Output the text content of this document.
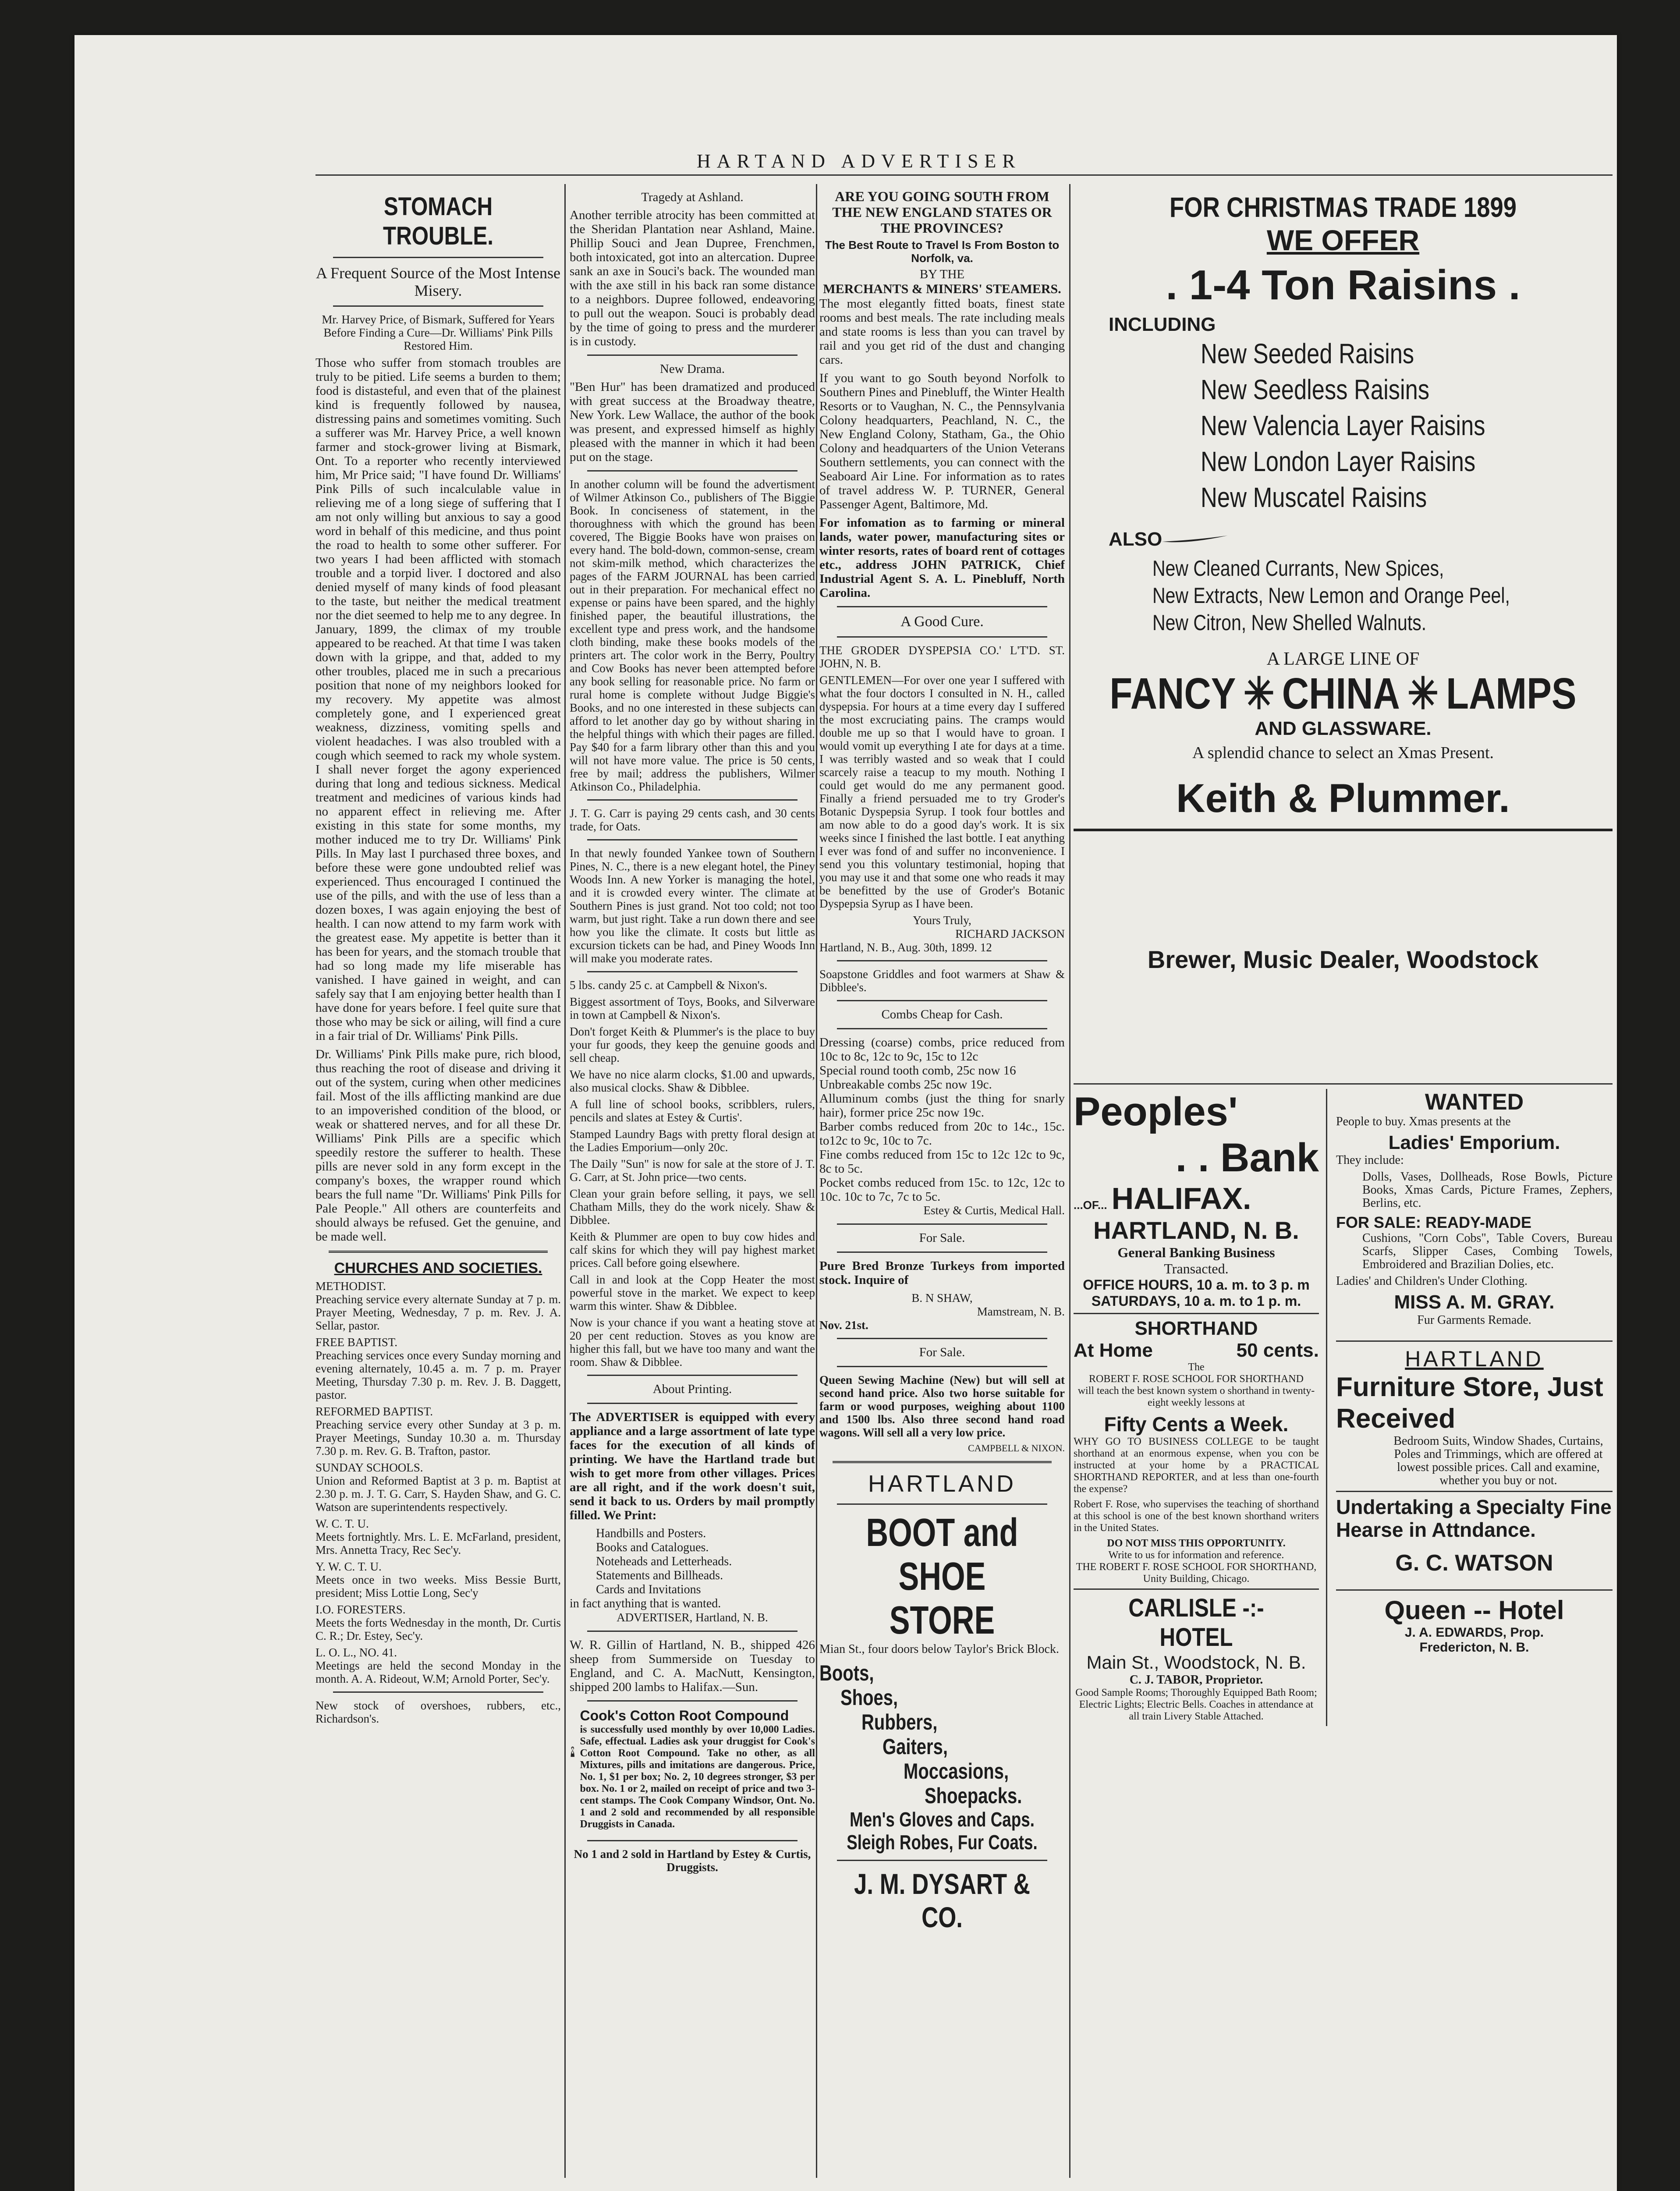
HARTAND ADVERTISER
STOMACH TROUBLE.
A Frequent Source of the Most Intense Misery.

Mr. Harvey Price, of Bismark, Suffered for Years Before Finding a Cure—Dr. Williams' Pink Pills Restored Him.

Those who suffer from stomach troubles are truly to be pitied. Life seems a burden to them; food is distasteful, and even that of the plainest kind is frequently followed by nausea, distressing pains and sometimes vomiting. Such a sufferer was Mr. Harvey Price, a well known farmer and stock-grower living at Bismark, Ont. To a reporter who recently interviewed him, Mr Price said; "I have found Dr. Williams' Pink Pills of such incalculable value in relieving me of a long siege of suffering that I am not only willing but anxious to say a good word in behalf of this medicine, and thus point the road to health to some other sufferer. For two years I had been afflicted with stomach trouble and a torpid liver. I doctored and also denied myself of many kinds of food pleasant to the taste, but neither the medical treatment nor the diet seemed to help me to any degree. In January, 1899, the climax of my trouble appeared to be reached. At that time I was taken down with la grippe, and that, added to my other troubles, placed me in such a precarious position that none of my neighbors looked for my recovery. My appetite was almost completely gone, and I experienced great weakness, dizziness, vomiting spells and violent headaches. I was also troubled with a cough which seemed to rack my whole system. I shall never forget the agony experienced during that long and tedious sickness. Medical treatment and medicines of various kinds had no apparent effect in relieving me. After existing in this state for some months, my mother induced me to try Dr. Williams' Pink Pills. In May last I purchased three boxes, and before these were gone undoubted relief was experienced. Thus encouraged I continued the use of the pills, and with the use of less than a dozen boxes, I was again enjoying the best of health. I can now attend to my farm work with the greatest ease. My appetite is better than it has been for years, and the stomach trouble that had so long made my life miserable has vanished. I have gained in weight, and can safely say that I am enjoying better health than I have done for years before. I feel quite sure that those who may be sick or ailing, will find a cure in a fair trial of Dr. Williams' Pink Pills.

Dr. Williams' Pink Pills make pure, rich blood, thus reaching the root of disease and driving it out of the system, curing when other medicines fail. Most of the ills afflicting mankind are due to an impoverished condition of the blood, or weak or shattered nerves, and for all these Dr. Williams' Pink Pills are a specific which speedily restore the sufferer to health. These pills are never sold in any form except in the company's boxes, the wrapper round which bears the full name "Dr. Williams' Pink Pills for Pale People." All others are counterfeits and should always be refused. Get the genuine, and be made well.

CHURCHES AND SOCIETIES.

METHODIST.

Preaching service every alternate Sunday at 7 p. m. Prayer Meeting, Wednesday, 7 p. m. Rev. J. A. Sellar, pastor.

FREE BAPTIST.

Preaching services once every Sunday morning and evening alternately, 10.45 a. m. 7 p. m. Prayer Meeting, Thursday 7.30 p. m. Rev. J. B. Daggett, pastor.

REFORMED BAPTIST.

Preaching service every other Sunday at 3 p. m. Prayer Meetings, Sunday 10.30 a. m. Thursday 7.30 p. m. Rev. G. B. Trafton, pastor.

SUNDAY SCHOOLS.

Union and Reformed Baptist at 3 p. m. Baptist at 2.30 p. m. J. T. G. Carr, S. Hayden Shaw, and G. C. Watson are superintendents respectively.

W. C. T. U.

Meets fortnightly. Mrs. L. E. McFarland, president, Mrs. Annetta Tracy, Rec Sec'y.

Y. W. C. T. U.

Meets once in two weeks. Miss Bessie Burtt, president; Miss Lottie Long, Sec'y

I.O. FORESTERS.

Meets the forts Wednesday in the month, Dr. Curtis C. R.; Dr. Estey, Sec'y.

L. O. L., NO. 41.

Meetings are held the second Monday in the month. A. A. Rideout, W.M; Arnold Porter, Sec'y.

New stock of overshoes, rubbers, etc., Richardson's.

Tragedy at Ashland.

Another terrible atrocity has been committed at the Sheridan Plantation near Ashland, Maine. Phillip Souci and Jean Dupree, Frenchmen, both intoxicated, got into an altercation. Dupree sank an axe in Souci's back. The wounded man with the axe still in his back ran some distance to a neighbors. Dupree followed, endeavoring to pull out the weapon. Souci is probably dead by the time of going to press and the murderer is in custody.

New Drama.

"Ben Hur" has been dramatized and produced with great success at the Broadway theatre, New York. Lew Wallace, the author of the book was present, and expressed himself as highly pleased with the manner in which it had been put on the stage.

In another column will be found the advertisment of Wilmer Atkinson Co., publishers of The Biggie Book. In conciseness of statement, in the thoroughness with which the ground has been covered, The Biggie Books have won praises on every hand. The bold-down, common-sense, cream not skim-milk method, which characterizes the pages of the FARM JOURNAL has been carried out in their preparation. For mechanical effect no expense or pains have been spared, and the highly finished paper, the beautiful illustrations, the excellent type and press work, and the handsome cloth binding, make these books models of the printers art. The color work in the Berry, Poultry and Cow Books has never been attempted before any book selling for reasonable price. No farm or rural home is complete without Judge Biggie's Books, and no one interested in these subjects can afford to let another day go by without sharing in the helpful things with which their pages are filled. Pay $40 for a farm library other than this and you will not have more value. The price is 50 cents, free by mail; address the publishers, Wilmer Atkinson Co., Philadelphia.

J. T. G. Carr is paying 29 cents cash, and 30 cents trade, for Oats.

In that newly founded Yankee town of Southern Pines, N. C., there is a new elegant hotel, the Piney Woods Inn. A new Yorker is managing the hotel, and it is crowded every winter. The climate at Southern Pines is just grand. Not too cold; not too warm, but just right. Take a run down there and see how you like the climate. It costs but little as excursion tickets can be had, and Piney Woods Inn will make you moderate rates.

5 lbs. candy 25 c. at Campbell & Nixon's.

Biggest assortment of Toys, Books, and Silverware in town at Campbell & Nixon's.

Don't forget Keith & Plummer's is the place to buy your fur goods, they keep the genuine goods and sell cheap.

We have no nice alarm clocks, $1.00 and upwards, also musical clocks. Shaw & Dibblee.

A full line of school books, scribblers, rulers, pencils and slates at Estey & Curtis'.

Stamped Laundry Bags with pretty floral design at the Ladies Emporium—only 20c.

The Daily "Sun" is now for sale at the store of J. T. G. Carr, at St. John price—two cents.

Clean your grain before selling, it pays, we sell Chatham Mills, they do the work nicely. Shaw & Dibblee.

Keith & Plummer are open to buy cow hides and calf skins for which they will pay highest market prices. Call before going elsewhere.

Call in and look at the Copp Heater the most powerful stove in the market. We expect to keep warm this winter. Shaw & Dibblee.

Now is your chance if you want a heating stove at 20 per cent reduction. Stoves as you know are higher this fall, but we have too many and want the room. Shaw & Dibblee.

About Printing.

The ADVERTISER is equipped with every appliance and a large assortment of late type faces for the execution of all kinds of printing. We have the Hartland trade but wish to get more from other villages. Prices are all right, and if the work doesn't suit, send it back to us. Orders by mail promptly filled. We Print:

Handbills and Posters.

Books and Catalogues.

Noteheads and Letterheads.

Statements and Billheads.

Cards and Invitations

in fact anything that is wanted.

ADVERTISER, Hartland, N. B.

W. R. Gillin of Hartland, N. B., shipped 426 sheep from Summerside on Tuesday to England, and C. A. MacNutt, Kensington, shipped 200 lambs to Halifax.—Sun.

Cook's Cotton Root Compound

is successfully used monthly by over 10,000 Ladies. Safe, effectual. Ladies ask your druggist for Cook's Cotton Root Compound. Take no other, as all Mixtures, pills and imitations are dangerous. Price, No. 1, $1 per box; No. 2, 10 degrees stronger, $3 per box. No. 1 or 2, mailed on receipt of price and two 3-cent stamps. The Cook Company Windsor, Ont. No. 1 and 2 sold and recommended by all responsible Druggists in Canada.

No 1 and 2 sold in Hartland by Estey & Curtis, Druggists.

ARE YOU GOING SOUTH FROM THE NEW ENGLAND STATES OR THE PROVINCES?
The Best Route to Travel Is From Boston to Norfolk, va.
BY THE
MERCHANTS & MINERS' STEAMERS.

The most elegantly fitted boats, finest state rooms and best meals. The rate including meals and state rooms is less than you can travel by rail and you get rid of the dust and changing cars.

If you want to go South beyond Norfolk to Southern Pines and Pinebluff, the Winter Health Resorts or to Vaughan, N. C., the Pennsylvania Colony headquarters, Peachland, N. C., the New England Colony, Statham, Ga., the Ohio Colony and headquarters of the Union Veterans Southern settlements, you can connect with the Seaboard Air Line. For information as to rates of travel address W. P. TURNER, General Passenger Agent, Baltimore, Md.

For infomation as to farming or mineral lands, water power, manufacturing sites or winter resorts, rates of board rent of cottages etc., address JOHN PATRICK, Chief Industrial Agent S. A. L. Pinebluff, North Carolina.

A Good Cure.

THE GRODER DYSPEPSIA CO.' L'T'D. ST. JOHN, N. B.

GENTLEMEN—For over one year I suffered with what the four doctors I consulted in N. H., called dyspepsia. For hours at a time every day I suffered the most excruciating pains. The cramps would double me up so that I would have to groan. I would vomit up everything I ate for days at a time. I was terribly wasted and so weak that I could scarcely raise a teacup to my mouth. Nothing I could get would do me any permanent good. Finally a friend persuaded me to try Groder's Botanic Dyspepsia Syrup. I took four bottles and am now able to do a good day's work. It is six weeks since I finished the last bottle. I eat anything I ever was fond of and suffer no inconvenience. I send you this voluntary testimonial, hoping that you may use it and that some one who reads it may be benefitted by the use of Groder's Botanic Dyspepsia Syrup as I have been.

Yours Truly,

RICHARD JACKSON

Hartland, N. B., Aug. 30th, 1899. 12

Soapstone Griddles and foot warmers at Shaw & Dibblee's.

Combs Cheap for Cash.

Dressing (coarse) combs, price reduced from 10c to 8c, 12c to 9c, 15c to 12c

Special round tooth comb, 25c now 16

Unbreakable combs 25c now 19c.

Alluminum combs (just the thing for snarly hair), former price 25c now 19c.

Barber combs reduced from 20c to 14c., 15c. to12c to 9c, 10c to 7c.

Fine combs reduced from 15c to 12c 12c to 9c, 8c to 5c.

Pocket combs reduced from 15c. to 12c, 12c to 10c. 10c to 7c, 7c to 5c.

Estey & Curtis, Medical Hall.

For Sale.

Pure Bred Bronze Turkeys from imported stock. Inquire of

B. N SHAW,

Mamstream, N. B.

Nov. 21st.

For Sale.

Queen Sewing Machine (New) but will sell at second hand price. Also two horse suitable for farm or wood purposes, weighing about 1100 and 1500 lbs. Also three second hand road wagons. Will sell all a very low price.

CAMPBELL & NIXON.

HARTLAND
BOOT and SHOE STORE

Mian St., four doors below Taylor's Brick Block.

Boots,
Shoes,
Rubbers,
Gaiters,
Moccasions,
Shoepacks.
Men's Gloves and Caps. Sleigh Robes, Fur Coats.
J. M. DYSART & CO.
FOR CHRISTMAS TRADE 1899
WE OFFER
. 1-4 Ton Raisins .
INCLUDING
New Seeded Raisins
New Seedless Raisins
New Valencia Layer Raisins
New London Layer Raisins
New Muscatel Raisins
ALSO
New Cleaned Currants, New Spices,
New Extracts, New Lemon and Orange Peel,
New Citron, New Shelled Walnuts.
A LARGE LINE OF
FANCY ✳ CHINA ✳ LAMPS
AND GLASSWARE.
A splendid chance to select an Xmas Present.
Keith & Plummer.
Brewer, Music Dealer, Woodstock
Peoples'
. . Bank
...OF... HALIFAX.
HARTLAND, N. B.
General Banking Business
Transacted.
OFFICE HOURS, 10 a. m. to 3 p. m
SATURDAYS, 10 a. m. to 1 p. m.
SHORTHAND
At Home	50 cents.
The
ROBERT F. ROSE SCHOOL FOR SHORTHAND

will teach the best known system o shorthand in twenty-eight weekly lessons at

Fifty Cents a Week.

WHY GO TO BUSINESS COLLEGE to be taught shorthand at an enormous expense, when you con be instructed at your home by a PRACTICAL SHORTHAND REPORTER, and at less than one-fourth the expense?

Robert F. Rose, who supervises the teaching of shorthand at this school is one of the best known shorthand writers in the United States.

DO NOT MISS THIS OPPORTUNITY.
Write to us for information and reference.
THE ROBERT F. ROSE SCHOOL FOR SHORTHAND, Unity Building, Chicago.
CARLISLE -:- HOTEL
Main St., Woodstock, N. B.
C. J. TABOR, Proprietor.

Good Sample Rooms; Thoroughly Equipped Bath Room; Electric Lights; Electric Bells. Coaches in attendance at all train Livery Stable Attached.

WANTED
People to buy. Xmas presents at the
Ladies' Emporium.
They include:

Dolls, Vases, Dollheads, Rose Bowls, Picture Books, Xmas Cards, Picture Frames, Zephers, Berlins, etc.

FOR SALE: READY-MADE

Cushions, "Corn Cobs", Table Covers, Bureau Scarfs, Slipper Cases, Combing Towels, Embroidered and Brazilian Dolies, etc.

Ladies' and Children's Under Clothing.
MISS A. M. GRAY.
Fur Garments Remade.
HARTLAND
Furniture Store, Just Received

Bedroom Suits, Window Shades, Curtains, Poles and Trimmings, which are offered at lowest possible prices. Call and examine, whether you buy or not.

Undertaking a Specialty Fine Hearse in Attndance.
G. C. WATSON
Queen -- Hotel
J. A. EDWARDS, Prop.
Fredericton, N. B.
